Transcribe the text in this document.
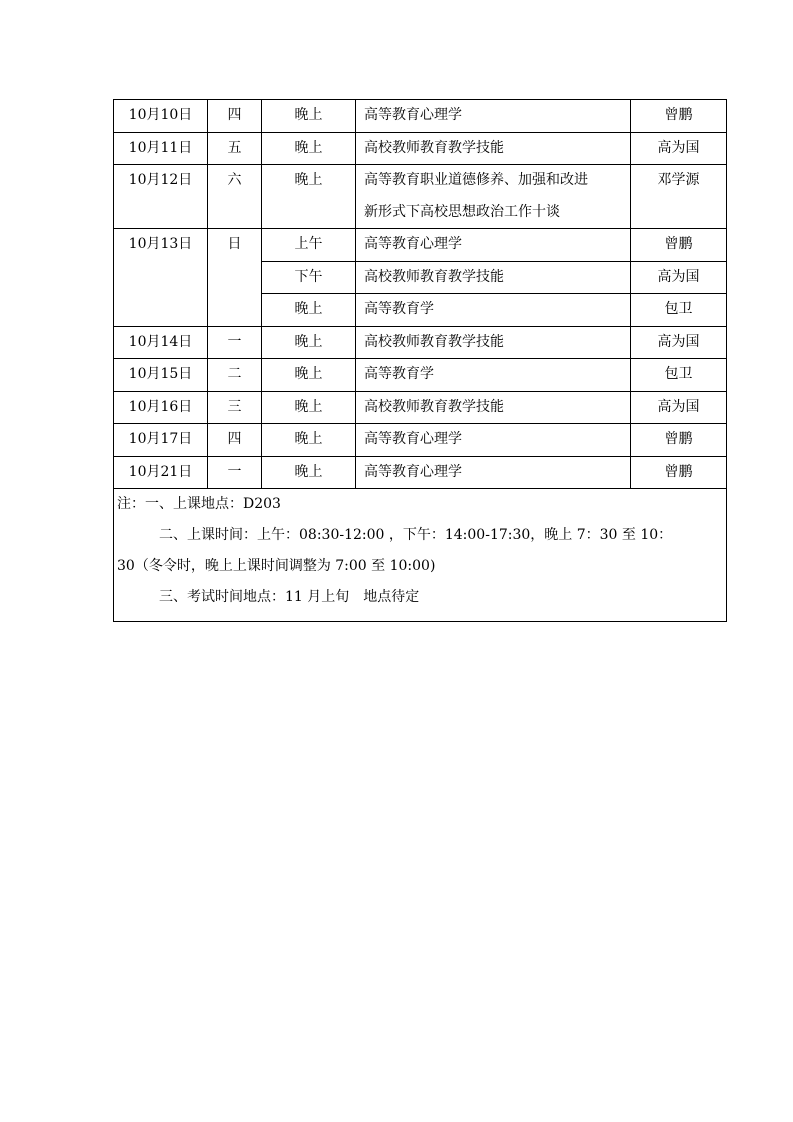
10月10日	四	晚上	高等教育心理学	曾鹏
10月11日	五	晚上	高校教师教育教学技能	高为国
10月12日	六	晚上	高等教育职业道德修养、加强和改进
新形式下高校思想政治工作十谈	邓学源
10月13日	日	上午	高等教育心理学	曾鹏
		下午	高校教师教育教学技能	高为国
		晚上	高等教育学	包卫
10月14日	一	晚上	高校教师教育教学技能	高为国
10月15日	二	晚上	高等教育学	包卫
10月16日	三	晚上	高校教师教育教学技能	高为国
10月17日	四	晚上	高等教育心理学	曾鹏
10月21日	一	晚上	高等教育心理学	曾鹏

注：一、上课地点：D203
二、上课时间：上午：08:30-12:00 ，下午：14:00-17:30，晚上 7：30 至 10：
30（冬令时，晚上上课时间调整为 7:00 至 10:00)
三、考试时间地点：11 月上旬　地点待定				
